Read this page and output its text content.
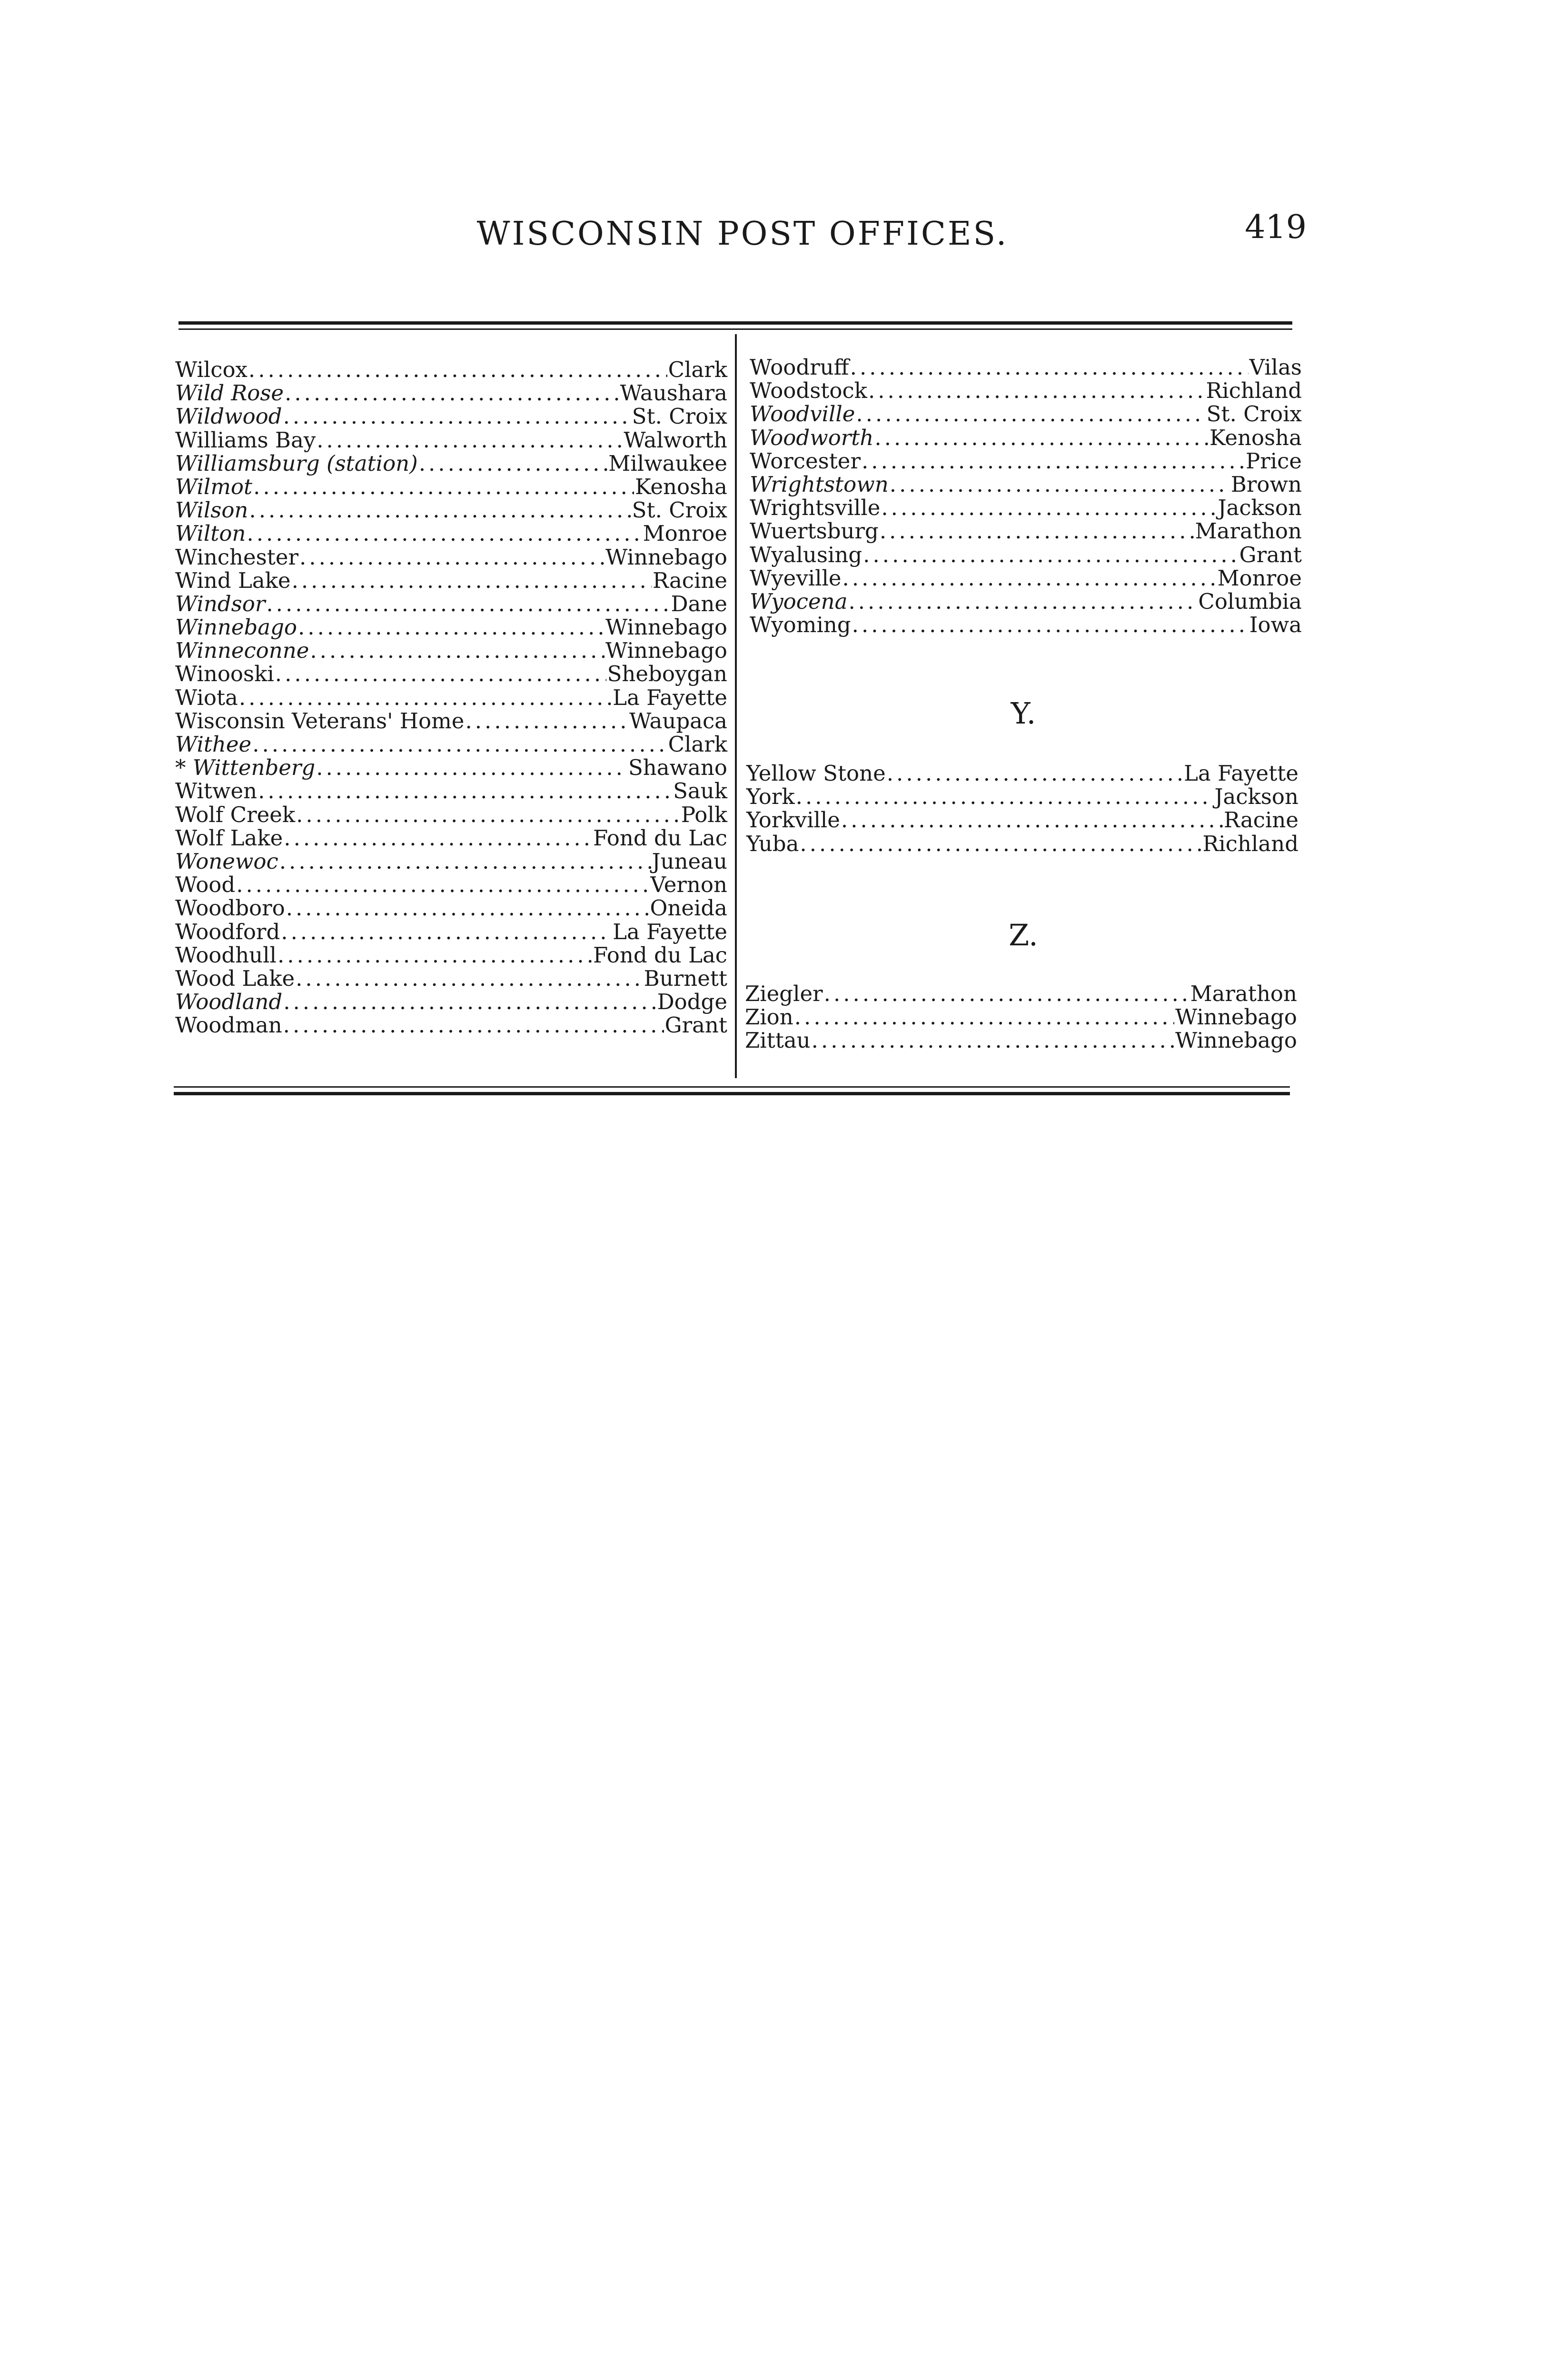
WISCONSIN POST OFFICES.	419
Wilcox .....	Clark
Wild Rose .....	Waushara
Wildwood .....	St. Croix
Williams Bay .....	Walworth
Williamsburg (station) .....	Milwaukee
Wilmot .....	Kenosha
Wilson .....	St. Croix
Wilton .....	Monroe
Winchester .....	Winnebago
Wind Lake .....	Racine
Windsor .....	Dane
Winnebago .....	Winnebago
Winneconne .....	Winnebago
Winooski .....	Sheboygan
Wiota .....	La Fayette
Wisconsin Veterans' Home .....	Waupaca
Withee .....	Clark
* Wittenberg .....	Shawano
Witwen .....	Sauk
Wolf Creek .....	Polk
Wolf Lake .....	Fond du Lac
Wonewoc .....	Juneau
Wood .....	Vernon
Woodboro .....	Oneida
Woodford .....	La Fayette
Woodhull .....	Fond du Lac
Wood Lake .....	Burnett
Woodland .....	Dodge
Woodman .....	Grant
Woodruff .....	Vilas
Woodstock .....	Richland
Woodville .....	St. Croix
Woodworth .....	Kenosha
Worcester .....	Price
Wrightstown .....	Brown
Wrightsville .....	Jackson
Wuertsburg .....	Marathon
Wyalusing .....	Grant
Wyeville .....	Monroe
Wyocena .....	Columbia
Wyoming .....	Iowa
Y.
Yellow Stone .....	La Fayette
York .....	Jackson
Yorkville .....	Racine
Yuba .....	Richland
Z.
Ziegler .....	Marathon
Zion .....	Winnebago
Zittau .....	Winnebago
